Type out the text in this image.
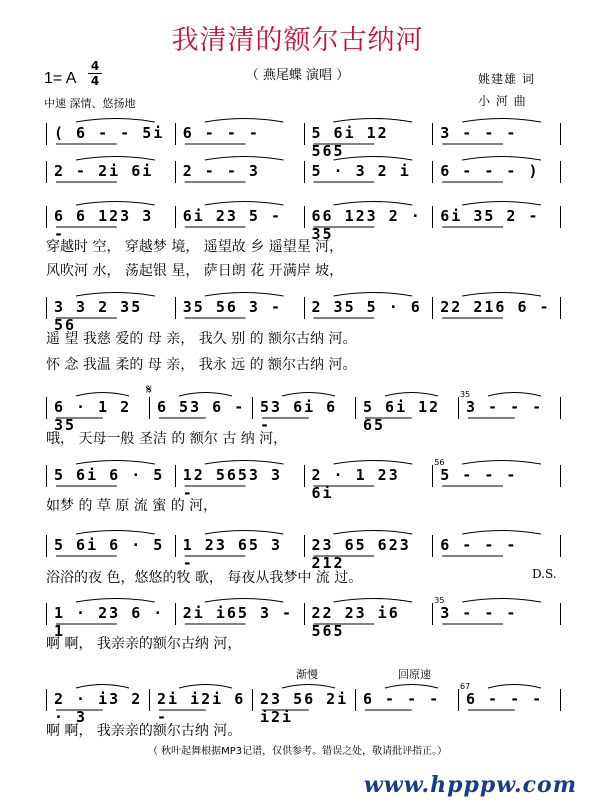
我清清的额尔古纳河
（ 燕尾蝶 演唱 ）
1= A
4
4
中速 深情、悠扬地
姚建雄 词
小 河 曲
( 6 - - 5i	6 - - -	5 6i 12 565
3 - - -
2 - 2i 6i	2 - - 3	5 · 3 2 i	6 - - - )
6 6 123 3 -
6i 23 5 -	66 123 2 · 35
6i 35 2 -
穿越时 空， 穿越梦 境， 遥望故 乡 遥望星 河，
风吹河 水， 荡起银 星， 萨日朗 花 开满岸 坡，
3 3 2 35 56
35 56 3 -	2 35 5 · 6	22 216 6 -
遥 望 我慈 爱的 母 亲， 我久 别 的 额尔古纳 河。
怀 念 我温 柔的 母 亲， 我永 远 的 额尔古纳 河。
6 · 1 2 35
6 53 6 - 53 6i 6 -
5 6i 12 65
3 - - -
𝄋	35
哦， 天母一般 圣洁 的 额尔 古 纳 河，
5 6i 6 · 5	12 5653 3 -
2 · 1 23 6i
5 - - -
56
如梦 的 草 原 流 蜜 的 河，
5 6i 6 · 5	1 23 65 3 -
23 65 623 212
6 - - -
浴浴的夜 色，悠悠的牧 歌， 每夜从我梦中 流 过。	D.S.
1 · 23 6 · 1
2i i65 3 -	22 23 i6 565
3 - - -
35
啊 啊， 我亲亲的额尔古纳 河，
2 · i3 2 · 3
2i i2i 6 -
23 56 2i i2i
6 - - -	6 - - -
67
渐慢	回原速
啊 啊， 我亲亲的额尔古纳 河。
（ 秋叶起舞根据MP3记谱，仅供参考。错误之处，敬请批评指正。）
www.hpppw.com
